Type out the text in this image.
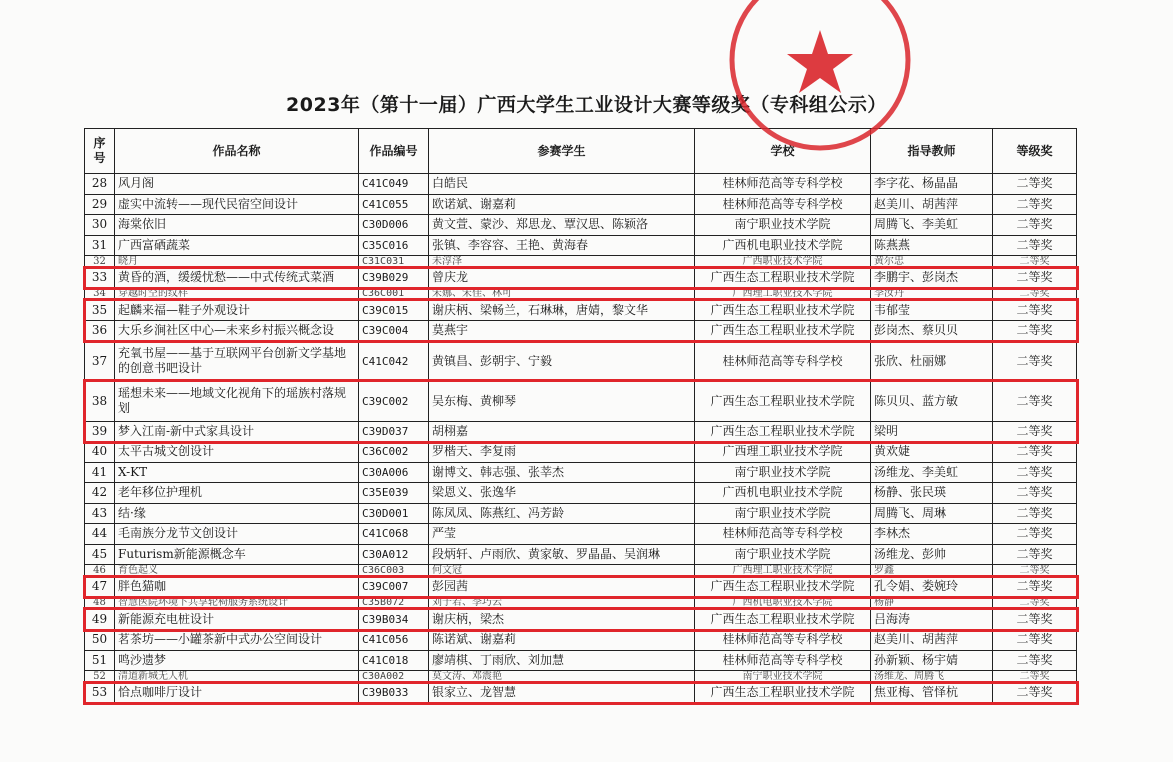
2023年（第十一届）广西大学生工业设计大赛等级奖（专科组公示）
序号	作品名称	作品编号	参赛学生	学校	指导教师	等级奖
28	风月阁	C41C049	白皓民	桂林师范高等专科学校	李字花、杨晶晶	二等奖
29	虚实中流转——现代民宿空间设计	C41C055	欧诺斌、谢嘉莉	桂林师范高等专科学校	赵美川、胡茜萍	二等奖
30	海棠依旧	C30D006	黄文萱、蒙沙、郑思龙、覃汉思、陈颖洛	南宁职业技术学院	周腾飞、李美虹	二等奖
31	广西富硒蔬菜	C35C016	张镇、李容容、王艳、黄海春	广西机电职业技术学院	陈燕燕	二等奖
32	晓月	C31C031	未淳泽	广西职业技术学院	黄尔忠	二等奖
33	黄昏的酒，缓缓忧愁——中式传统式菜酒	C39B029	曾庆龙	广西生态工程职业技术学院	李鹏宇、彭岗杰	二等奖
34	穿越时空的纹样	C36C001	宋娜、宋佳、林可	广西理工职业技术学院	李汝丹	二等奖
35	起麟来福—鞋子外观设计	C39C015	谢庆柄、梁畅兰，石琳琳，唐婧，黎文华	广西生态工程职业技术学院	韦郁莹	二等奖
36	大乐乡涧社区中心—未来乡村振兴概念设	C39C004	莫燕宇	广西生态工程职业技术学院	彭岗杰、蔡贝贝	二等奖
37	充氧书屋——基于互联网平台创新文学基地的创意书吧设计	C41C042	黄镇昌、彭朝宇、宁毅	桂林师范高等专科学校	张欣、杜丽娜	二等奖
38	瑶想未来——地域文化视角下的瑶族村落规划	C39C002	吴东梅、黄柳琴	广西生态工程职业技术学院	陈贝贝、蓝方敏	二等奖
39	梦入江南-新中式家具设计	C39D037	胡栩嘉	广西生态工程职业技术学院	梁明	二等奖
40	太平古城文创设计	C36C002	罗楷天、李复雨	广西理工职业技术学院	黄欢婕	二等奖
41	X-KT	C30A006	谢博文、韩志强、张莘杰	南宁职业技术学院	汤维龙、李美虹	二等奖
42	老年移位护理机	C35E039	梁恩义、张逸华	广西机电职业技术学院	杨静、张民瑛	二等奖
43	结·缘	C30D001	陈凤凤、陈燕红、冯芳龄	南宁职业技术学院	周腾飞、周琳	二等奖
44	毛南族分龙节文创设计	C41C068	严莹	桂林师范高等专科学校	李林杰	二等奖
45	Futurism新能源概念车	C30A012	段炳轩、卢雨欣、黄家敏、罗晶晶、吴润琳	南宁职业技术学院	汤维龙、彭帅	二等奖
46	育色起义	C36C003	何文冠	广西理工职业技术学院	罗鑫	二等奖
47	胖色猫咖	C39C007	彭园茜	广西生态工程职业技术学院	孔令娟、娄婉玲	二等奖
48	智慧医院环境下共享轮椅服务系统设计	C35B072	刘子若、李巧云	广西机电职业技术学院	杨静	二等奖
49	新能源充电桩设计	C39B034	谢庆柄，梁杰	广西生态工程职业技术学院	吕海涛	二等奖
50	茗茶坊——小罐茶新中式办公空间设计	C41C056	陈诺斌、谢嘉莉	桂林师范高等专科学校	赵美川、胡茜萍	二等奖
51	鸣沙遗梦	C41C018	廖靖棋、丁雨欣、刘加慧	桂林师范高等专科学校	孙新颖、杨宇婧	二等奖
52	清道新城无人机	C30A002	莫文涛、邓震艳	南宁职业技术学院	汤维龙、周腾飞	二等奖
53	恰点咖啡厅设计	C39B033	银家立、龙智慧	广西生态工程职业技术学院	焦亚梅、管怿杭	二等奖
